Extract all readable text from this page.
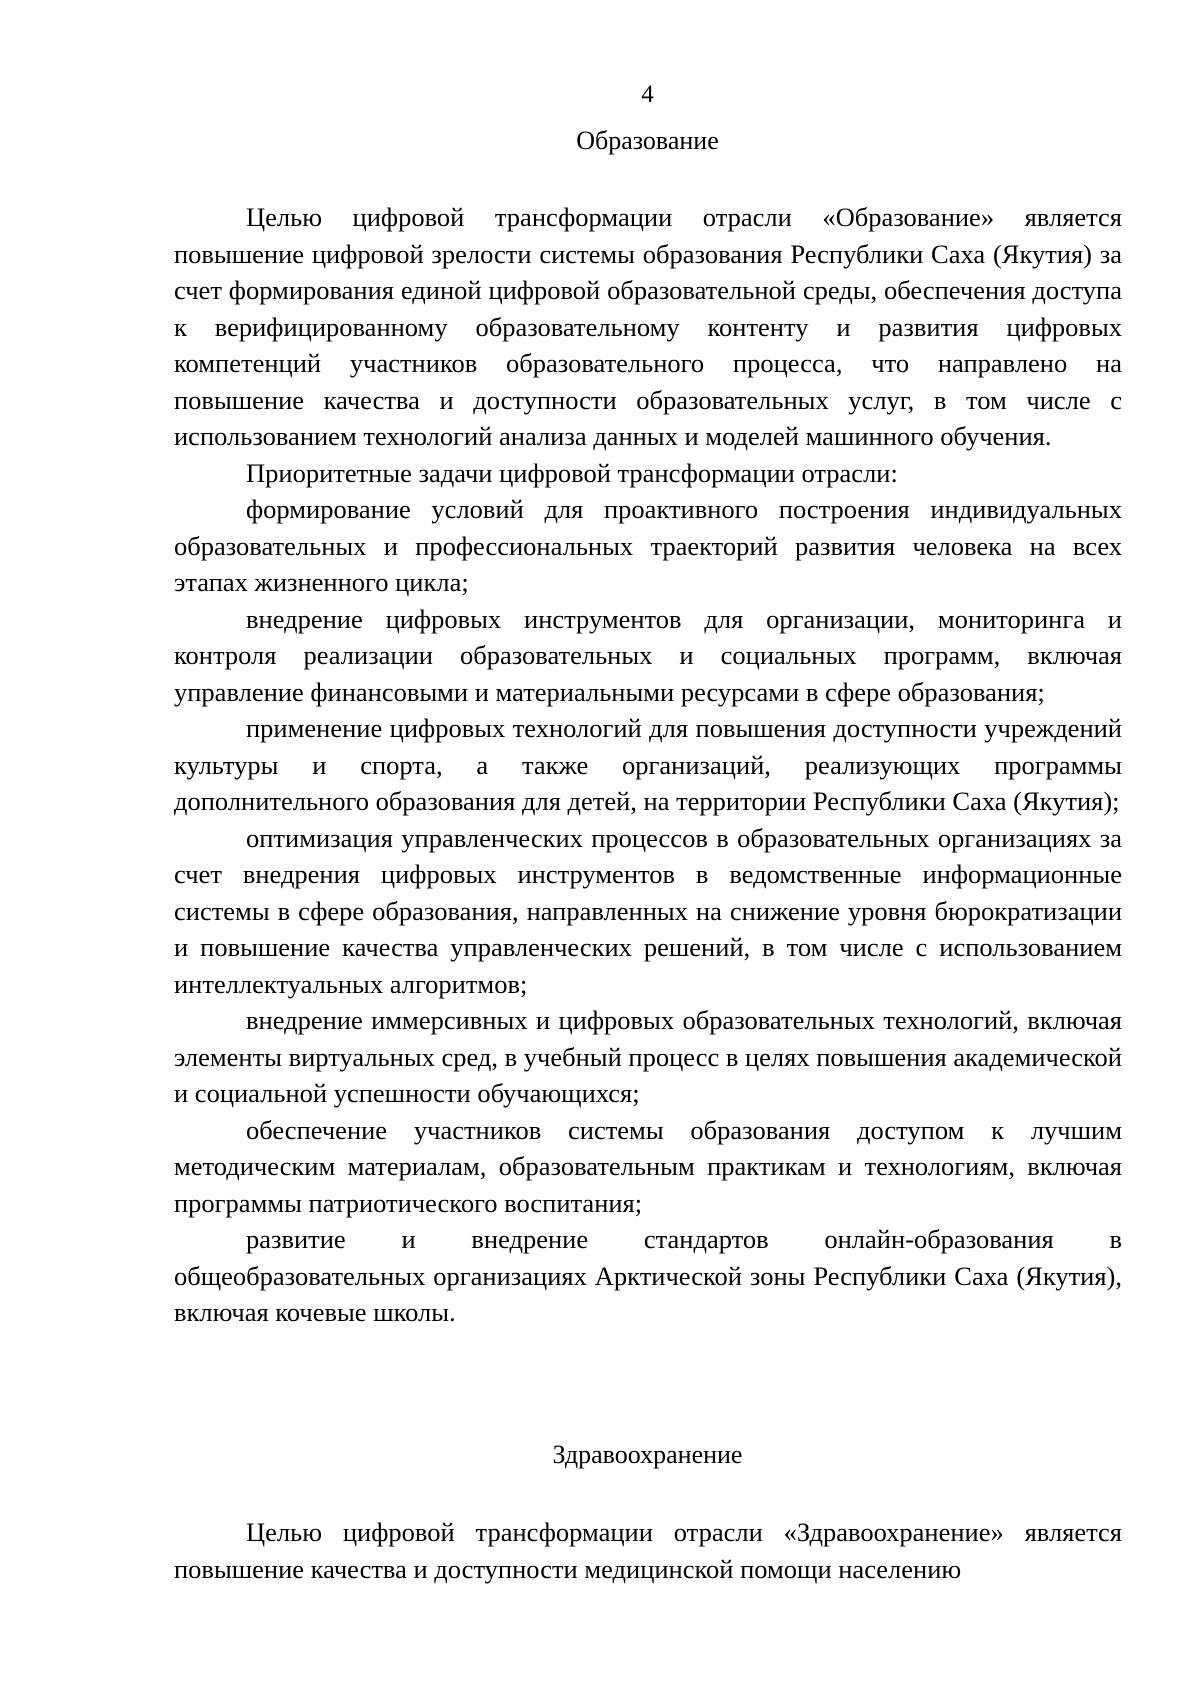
4
Образование

Целью цифровой трансформации отрасли «Образование» является повышение цифровой зрелости системы образования Республики Саха (Якутия) за счет формирования единой цифровой образовательной среды, обеспечения доступа к верифицированному образовательному контенту и развития цифровых компетенций участников образовательного процесса, что направлено на повышение качества и доступности образовательных услуг, в том числе с использованием технологий анализа данных и моделей машинного обучения.

Приоритетные задачи цифровой трансформации отрасли:

формирование условий для проактивного построения индивидуальных образовательных и профессиональных траекторий развития человека на всех этапах жизненного цикла;

внедрение цифровых инструментов для организации, мониторинга и контроля реализации образовательных и социальных программ, включая управление финансовыми и материальными ресурсами в сфере образования;

применение цифровых технологий для повышения доступности учреждений культуры и спорта, а также организаций, реализующих программы дополнительного образования для детей, на территории Республики Саха (Якутия);

оптимизация управленческих процессов в образовательных организациях за счет внедрения цифровых инструментов в ведомственные информационные системы в сфере образования, направленных на снижение уровня бюрократизации и повышение качества управленческих решений, в том числе с использованием интеллектуальных алгоритмов;

внедрение иммерсивных и цифровых образовательных технологий, включая элементы виртуальных сред, в учебный процесс в целях повышения академической и социальной успешности обучающихся;

обеспечение участников системы образования доступом к лучшим методическим материалам, образовательным практикам и технологиям, включая программы патриотического воспитания;

развитие и внедрение стандартов онлайн-образования в общеобразовательных организациях Арктической зоны Республики Саха (Якутия), включая кочевые школы.

Здравоохранение

Целью цифровой трансформации отрасли «Здравоохранение» является повышение качества и доступности медицинской помощи населению
